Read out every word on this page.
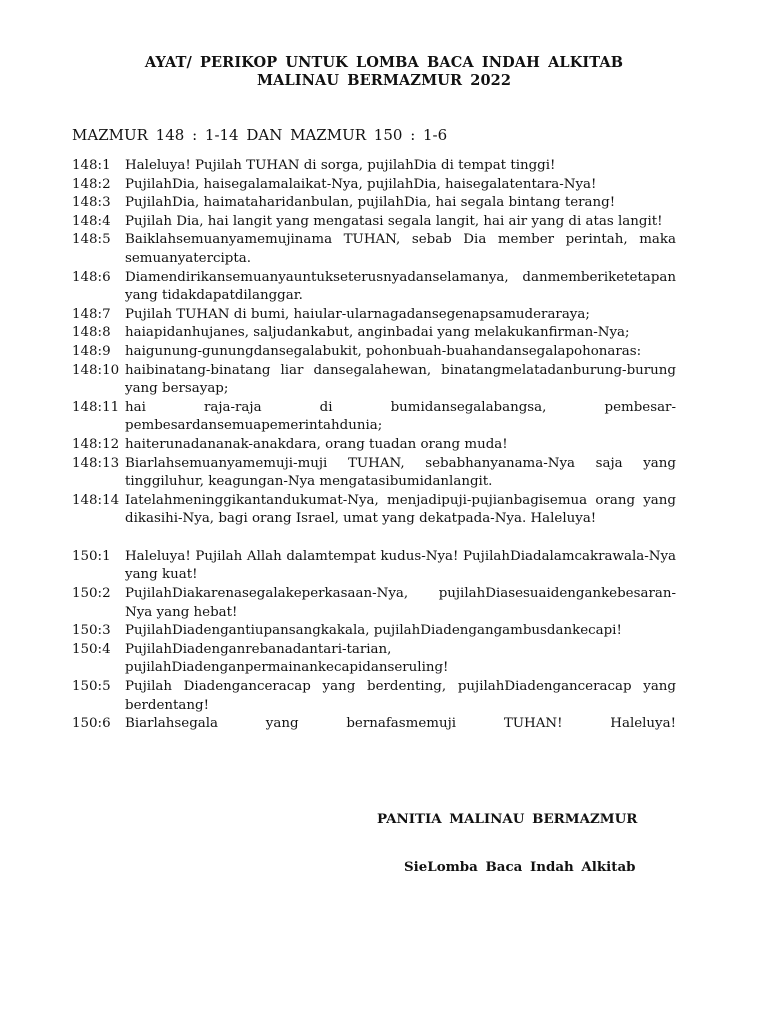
AYAT/ PERIKOP UNTUK LOMBA BACA INDAH ALKITAB
MALINAU BERMAZMUR 2022
MAZMUR 148 : 1-14 DAN MAZMUR 150 : 1-6
148:1	Haleluya! Pujilah TUHAN di sorga, pujilahDia di tempat tinggi!
148:2	PujilahDia, haisegalamalaikat-Nya, pujilahDia, haisegalatentara-Nya!
148:3	PujilahDia, haimataharidanbulan, pujilahDia, hai segala bintang terang!
148:4	Pujilah Dia, hai langit yang mengatasi segala langit, hai air yang di atas langit!
148:5	Baiklahsemuanyamemujinama TUHAN, sebab Dia member perintah, maka semuanyatercipta.
148:6	Diamendirikansemuanyauntukseterusnyadanselamanya, danmemberiketetapan yang tidakdapatdilanggar.
148:7	Pujilah TUHAN di bumi, haiular-ularnagadansegenapsamuderaraya;
148:8	haiapidanhujanes, saljudankabut, anginbadai yang melakukanfirman-Nya;
148:9	haigunung-gunungdansegalabukit, pohonbuah-buahandansegalapohonaras:
148:10 haibinatang-binatang liar dansegalahewan, binatangmelatadanburung-burung yang bersayap;
148:11 hai raja-raja di bumidansegalabangsa, pembesar-pembesardansemuapemerintahdunia;
148:12 haiterunadananak-anakdara, orang tuadan orang muda!
148:13 Biarlahsemuanyamemuji-muji TUHAN, sebabhanyanama-Nya saja yang tinggiluhur, keagungan-Nya mengatasibumidanlangit.
148:14 Iatelahmeninggikantandukumat-Nya, menjadipuji-pujianbagisemua orang yang dikasihi-Nya, bagi orang Israel, umat yang dekatpada-Nya. Haleluya!
150:1	Haleluya! Pujilah Allah dalamtempat kudus-Nya! PujilahDiadalamcakrawala-Nya yang kuat!
150:2	PujilahDiakarenasegalakeperkasaan-Nya, pujilahDiasesuaidengankebesaran-Nya yang hebat!
150:3	PujilahDiadengantiupansangkakala, pujilahDiadengangambusdankecapi!
150:4	PujilahDiadenganrebanadantari-tarian, pujilahDiadenganpermainankecapidanseruling!
150:5	Pujilah Diadenganceracap yang berdenting, pujilahDiadenganceracap yang berdentang!
150:6	Biarlahsegala yang bernafasmemuji TUHAN! Haleluya!
PANITIA MALINAU BERMAZMUR
SieLomba Baca Indah Alkitab
